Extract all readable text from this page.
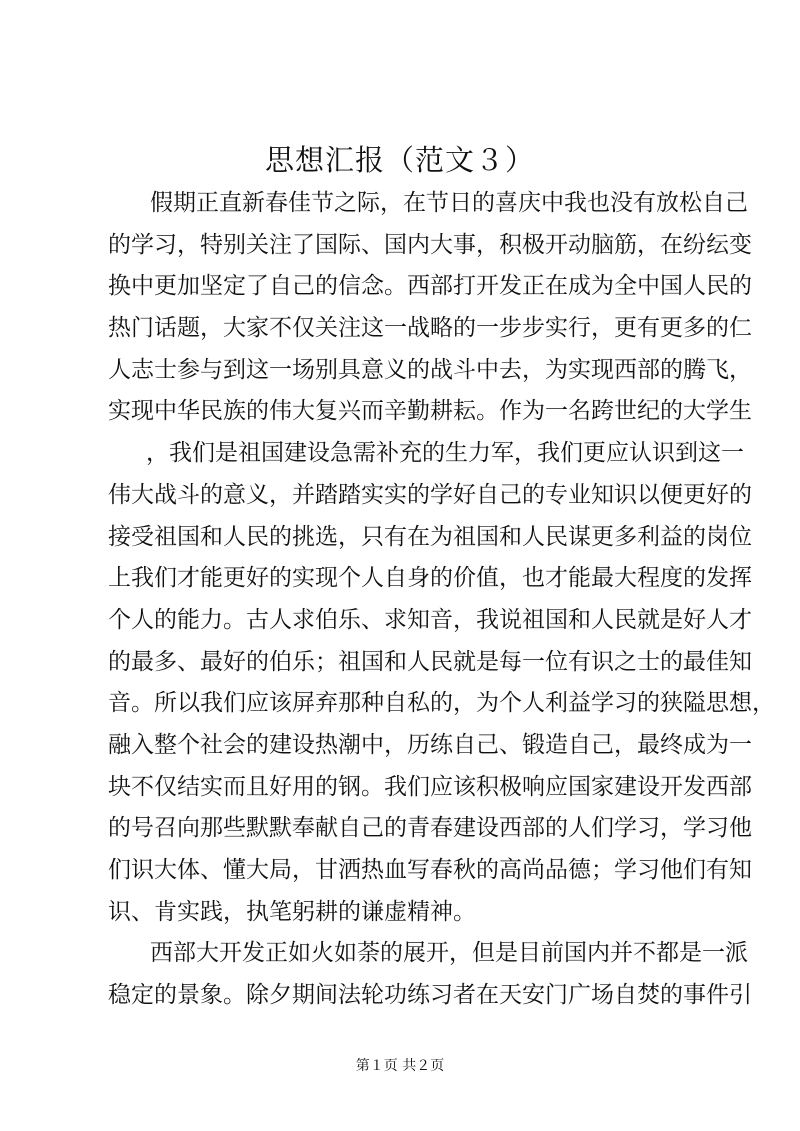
思想汇报（范文３）
假期正直新春佳节之际，在节日的喜庆中我也没有放松自己
的学习，特别关注了国际、国内大事，积极开动脑筋，在纷纭变
换中更加坚定了自己的信念。西部打开发正在成为全中国人民的
热门话题，大家不仅关注这一战略的一步步实行，更有更多的仁
人志士参与到这一场别具意义的战斗中去，为实现西部的腾飞，
实现中华民族的伟大复兴而辛勤耕耘。作为一名跨世纪的大学生
，我们是祖国建设急需补充的生力军，我们更应认识到这一
伟大战斗的意义，并踏踏实实的学好自己的专业知识以便更好的
接受祖国和人民的挑选，只有在为祖国和人民谋更多利益的岗位
上我们才能更好的实现个人自身的价值，也才能最大程度的发挥
个人的能力。古人求伯乐、求知音，我说祖国和人民就是好人才
的最多、最好的伯乐；祖国和人民就是每一位有识之士的最佳知
音。所以我们应该屏弃那种自私的，为个人利益学习的狭隘思想，
融入整个社会的建设热潮中，历练自己、锻造自己，最终成为一
块不仅结实而且好用的钢。我们应该积极响应国家建设开发西部
的号召向那些默默奉献自己的青春建设西部的人们学习，学习他
们识大体、懂大局，甘洒热血写春秋的高尚品德；学习他们有知
识、肯实践，执笔躬耕的谦虚精神。
西部大开发正如火如荼的展开，但是目前国内并不都是一派
稳定的景象。除夕期间法轮功练习者在天安门广场自焚的事件引
第１页 共２页
